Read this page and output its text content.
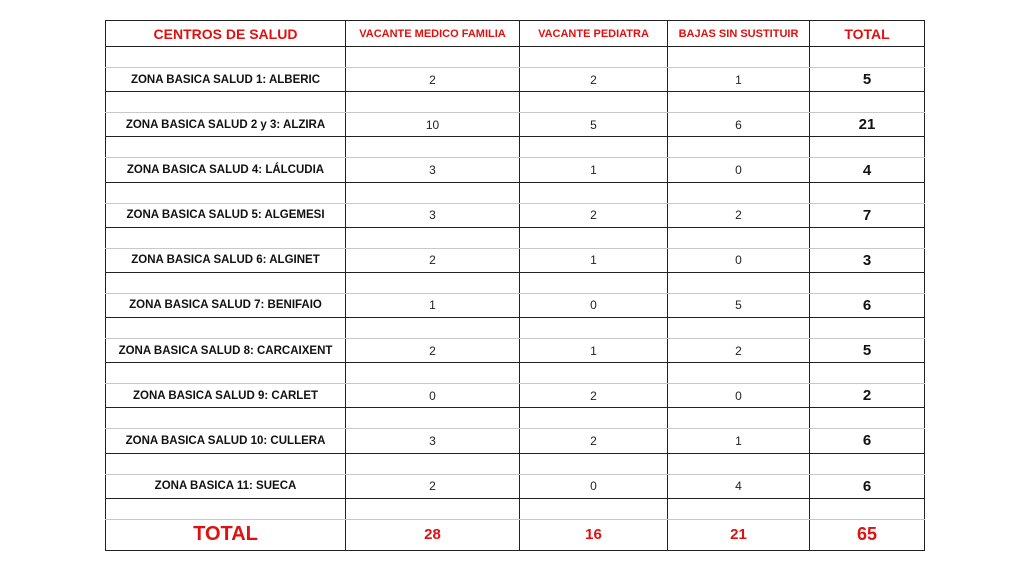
CENTROS DE SALUD	VACANTE MEDICO FAMILIA	VACANTE PEDIATRA	BAJAS SIN SUSTITUIR	TOTAL

ZONA BASICA SALUD 1: ALBERIC	2	2	1	5

ZONA BASICA SALUD 2 y 3: ALZIRA	10	5	6	21

ZONA BASICA SALUD 4: LÁLCUDIA	3	1	0	4

ZONA BASICA SALUD 5: ALGEMESI	3	2	2	7

ZONA BASICA SALUD 6: ALGINET	2	1	0	3

ZONA BASICA SALUD 7: BENIFAIO	1	0	5	6

ZONA BASICA SALUD 8: CARCAIXENT	2	1	2	5

ZONA BASICA SALUD 9: CARLET	0	2	0	2

ZONA BASICA SALUD 10: CULLERA	3	2	1	6

ZONA BASICA 11: SUECA	2	0	4	6

TOTAL	28	16	21	65
